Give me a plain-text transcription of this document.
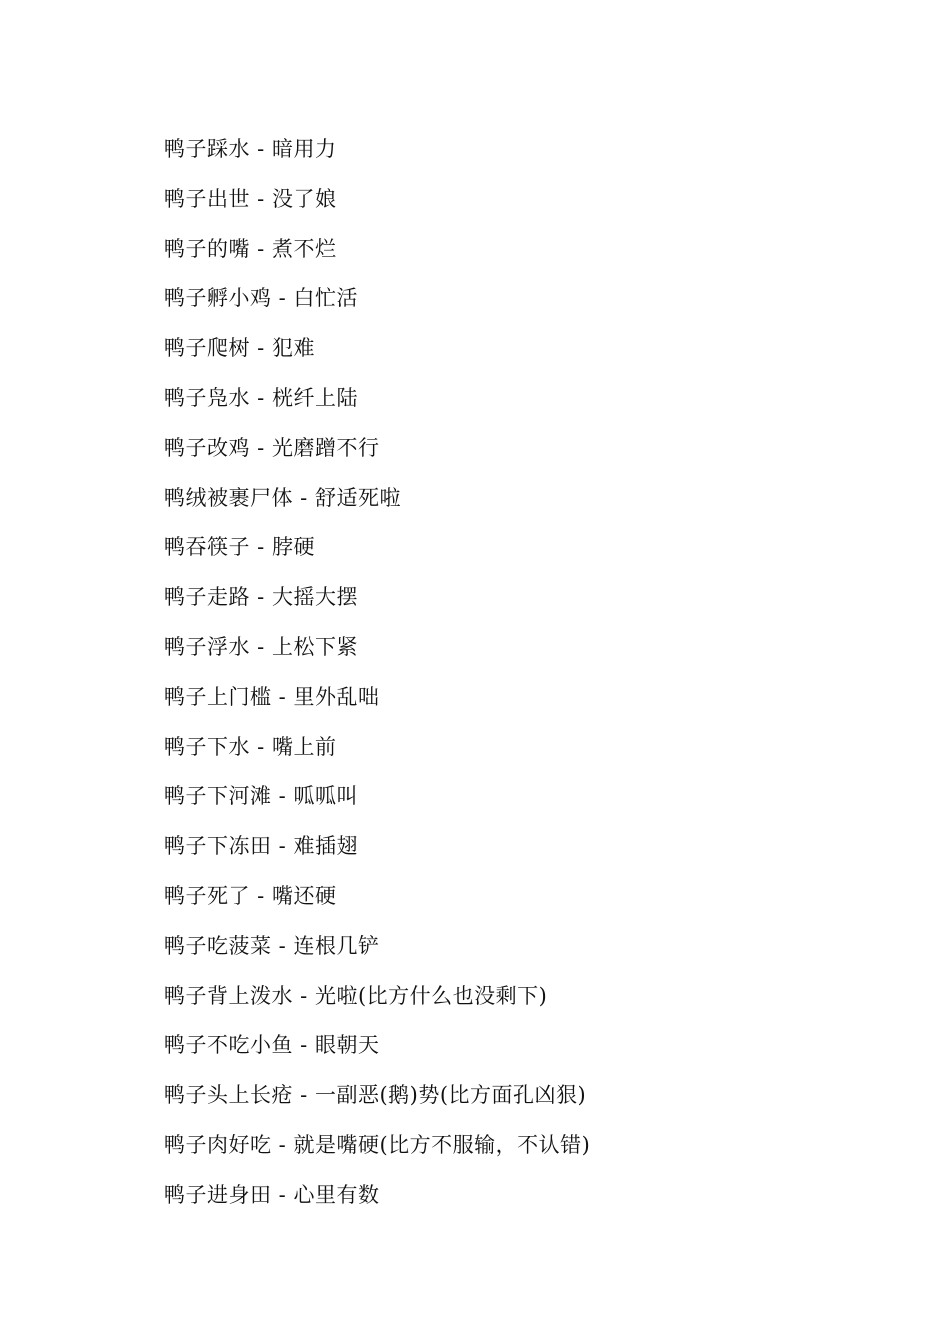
鸭子踩水 - 暗用力
鸭子出世 - 没了娘
鸭子的嘴 - 煮不烂
鸭子孵小鸡 - 白忙活
鸭子爬树 - 犯难
鸭子凫水 - 桄纤上陆
鸭子改鸡 - 光磨蹭不行
鸭绒被裹尸体 - 舒适死啦
鸭吞筷子 - 脖硬
鸭子走路 - 大摇大摆
鸭子浮水 - 上松下紧
鸭子上门槛 - 里外乱咄
鸭子下水 - 嘴上前
鸭子下河滩 - 呱呱叫
鸭子下冻田 - 难插翅
鸭子死了 - 嘴还硬
鸭子吃菠菜 - 连根几铲
鸭子背上泼水 - 光啦(比方什么也没剩下)
鸭子不吃小鱼 - 眼朝天
鸭子头上长疮 - 一副恶(鹅)势(比方面孔凶狠)
鸭子肉好吃 - 就是嘴硬(比方不服输，不认错)
鸭子进身田 - 心里有数
